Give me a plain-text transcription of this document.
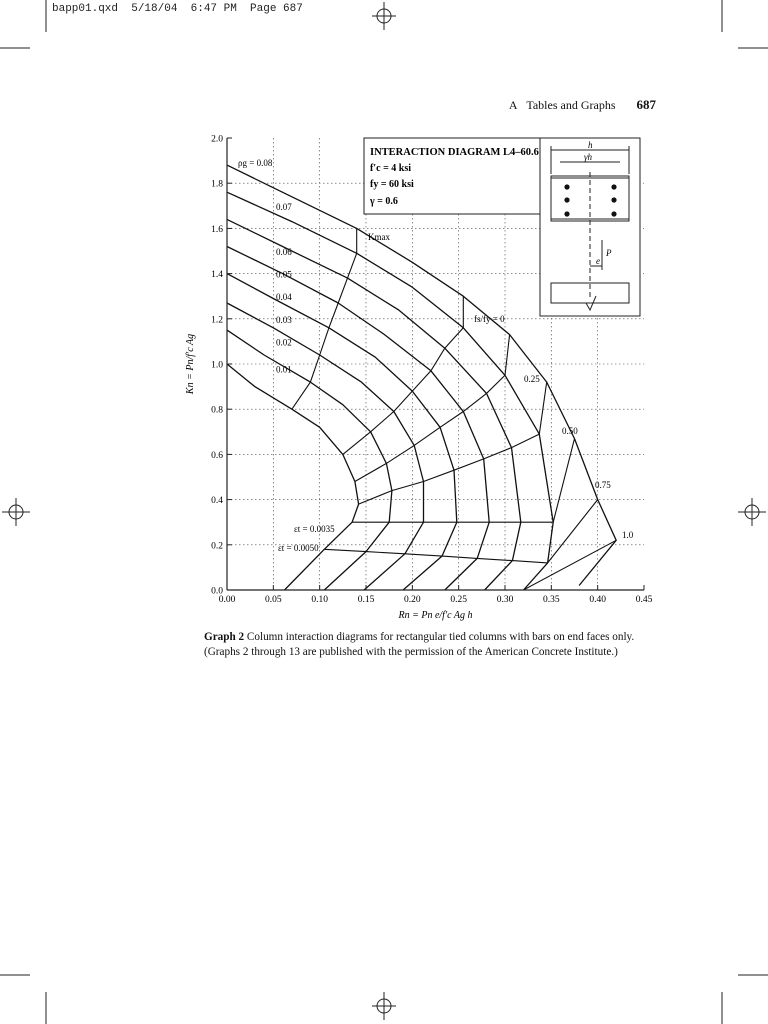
bapp01.qxd  5/18/04  6:47 PM  Page 687
A Tables and Graphs 687
0.00	0.05	0.10	0.15	0.20	0.25	0.30	0.35	0.40	0.45
0.0
0.2
0.4
0.6
0.8
1.0
1.2
1.4
1.6
1.8
2.0
Rn = Pn e/f′c Ag h
Kn = Pn/f′c Ag
ρg = 0.08
0.07
0.06
0.05
0.04
0.03
0.02
0.01
Kmax
fs/fy = 0
0.25
0.50
0.75
1.0
εt = 0.0035
εt = 0.0050
INTERACTION DIAGRAM L4–60.6
f′c = 4 ksi
fy = 60 ksi
γ = 0.6
h
γh
P
e
Graph 2 Column interaction diagrams for rectangular tied columns with bars on end faces only.
(Graphs 2 through 13 are published with the permission of the American Concrete Institute.)
